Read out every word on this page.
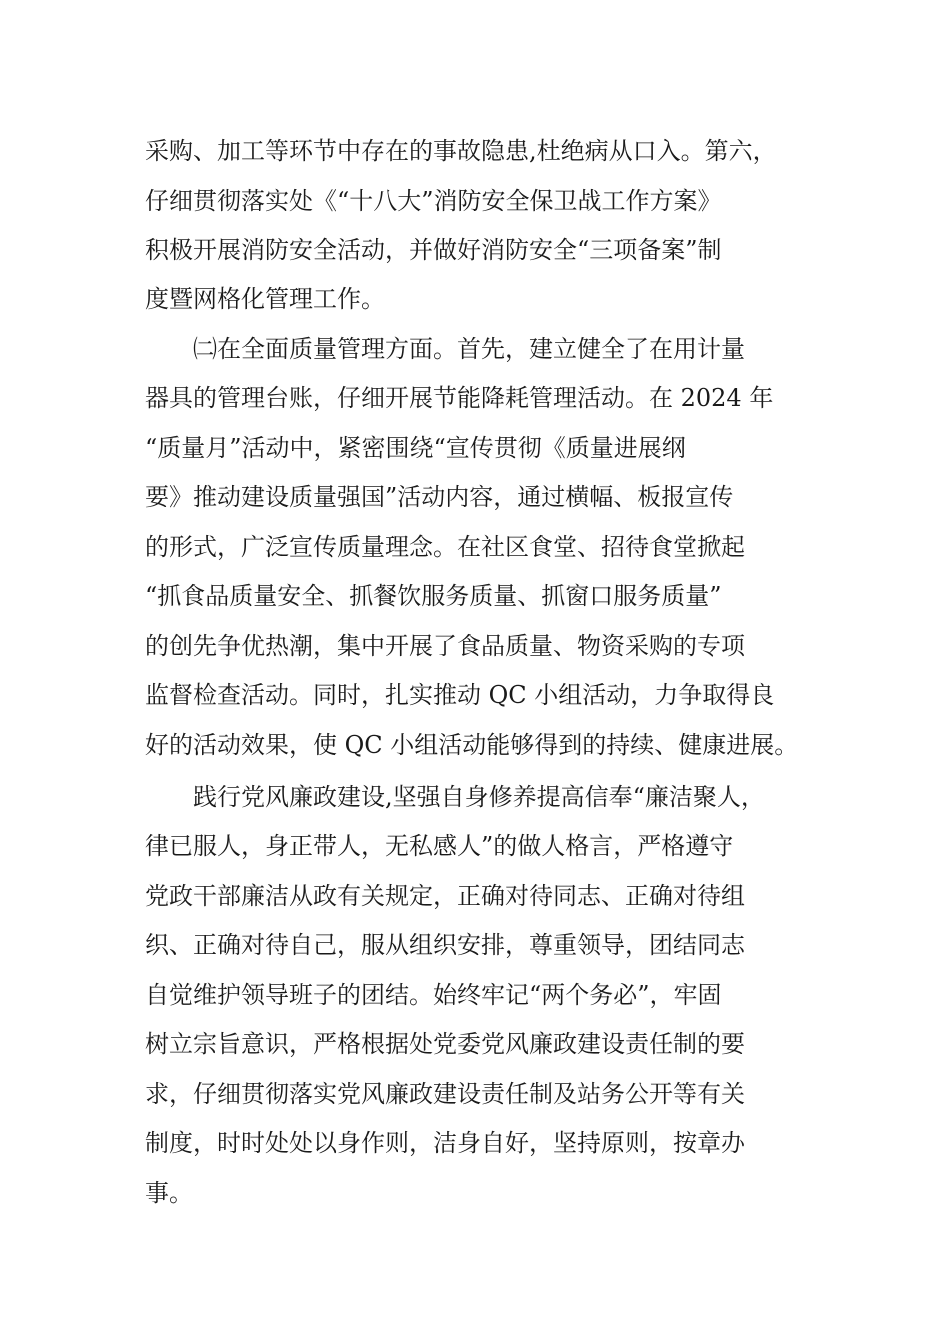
采购、加工等环节中存在的事故隐患,杜绝病从口入。第六，

仔细贯彻落实处《“十八大”消防安全保卫战工作方案》

积极开展消防安全活动，并做好消防安全“三项备案”制

度暨网格化管理工作。

㈡在全面质量管理方面。首先，建立健全了在用计量

器具的管理台账，仔细开展节能降耗管理活动。在 2024 年

“质量月”活动中，紧密围绕“宣传贯彻《质量进展纲

要》推动建设质量强国”活动内容，通过横幅、板报宣传

的形式，广泛宣传质量理念。在社区食堂、招待食堂掀起

“抓食品质量安全、抓餐饮服务质量、抓窗口服务质量”

的创先争优热潮，集中开展了食品质量、物资采购的专项

监督检查活动。同时，扎实推动 QC 小组活动，力争取得良

好的活动效果，使 QC 小组活动能够得到的持续、健康进展。

践行党风廉政建设,坚强自身修养提高信奉“廉洁聚人，

律已服人，身正带人，无私感人”的做人格言，严格遵守

党政干部廉洁从政有关规定，正确对待同志、正确对待组

织、正确对待自己，服从组织安排，尊重领导，团结同志

自觉维护领导班子的团结。始终牢记“两个务必”，牢固

树立宗旨意识，严格根据处党委党风廉政建设责任制的要

求，仔细贯彻落实党风廉政建设责任制及站务公开等有关

制度，时时处处以身作则，洁身自好，坚持原则，按章办

事。
